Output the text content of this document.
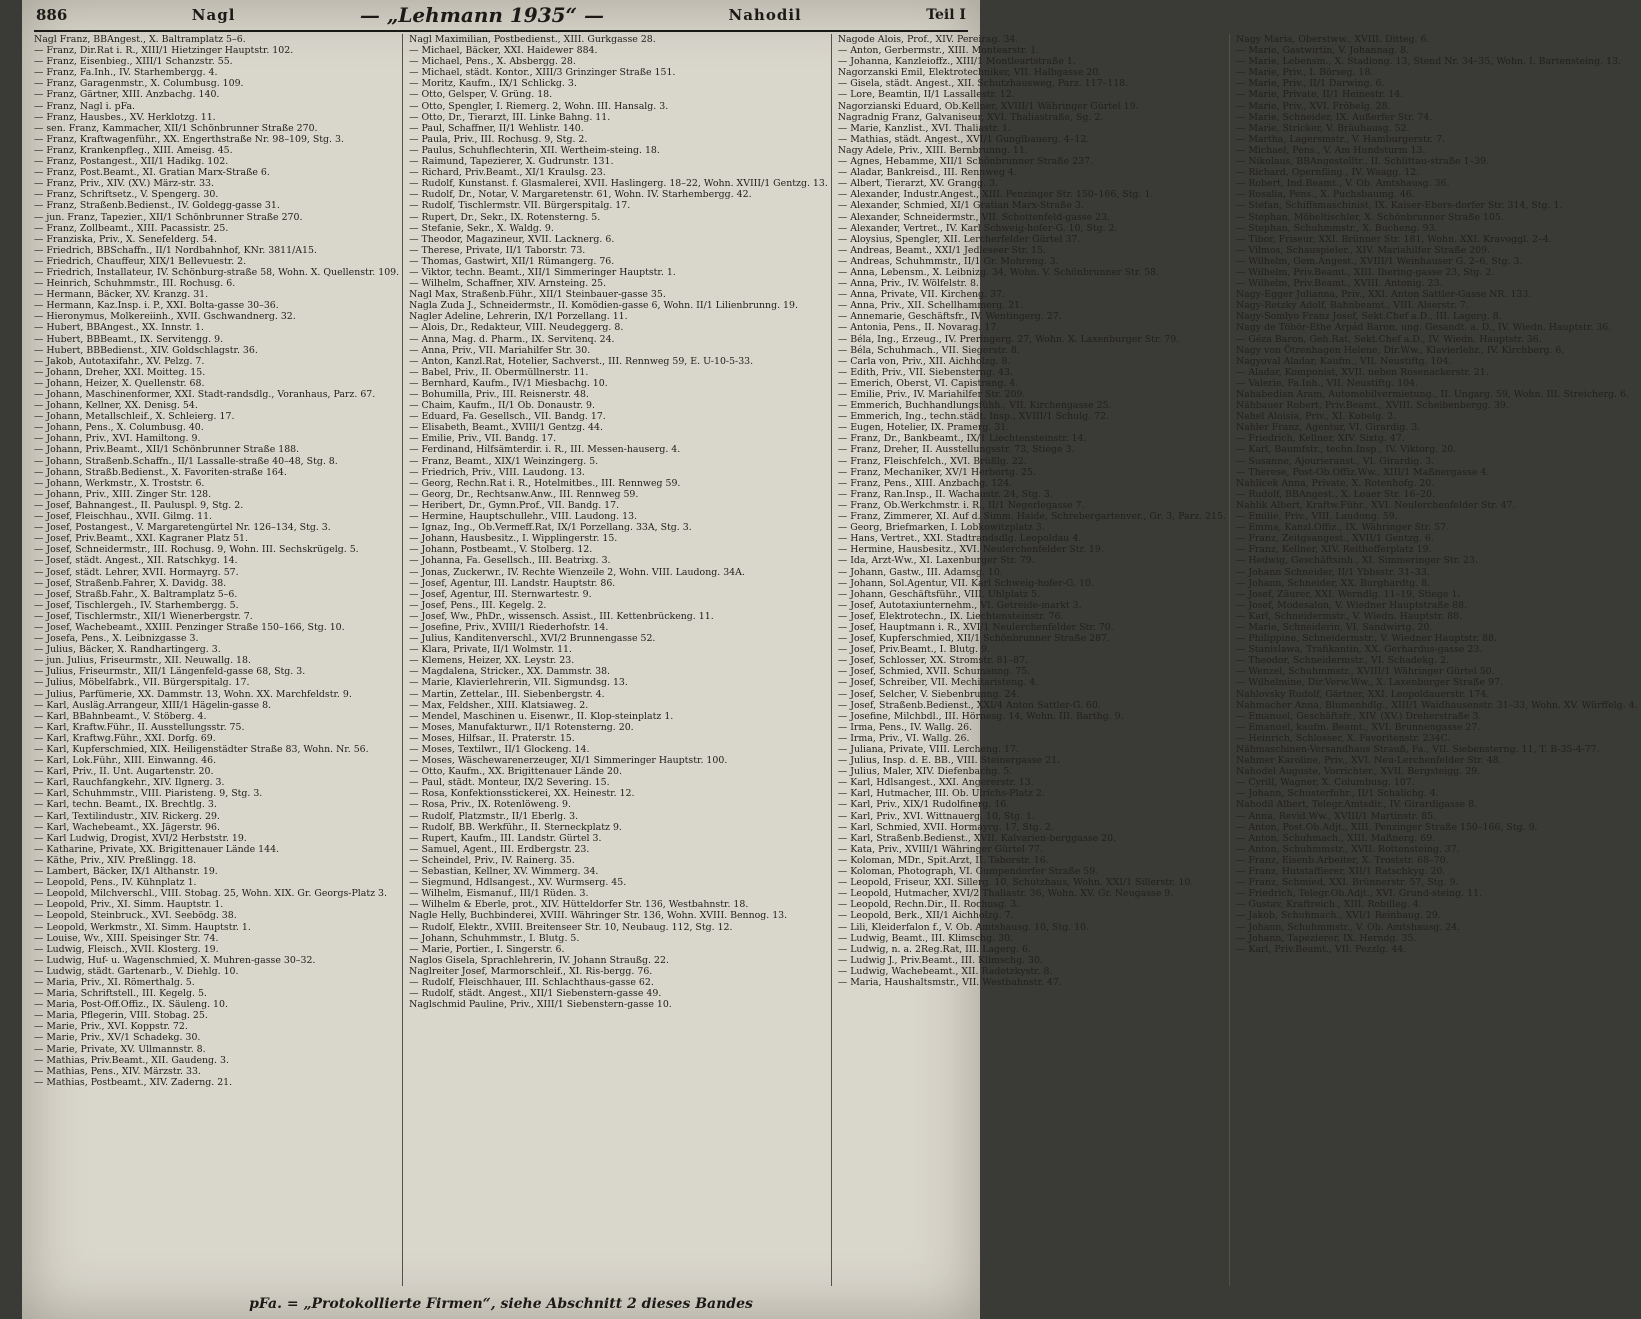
886	Nagl	— „Lehmann 1935“ —	Nahodil	Teil I
Nagl Franz, BBAngest., X. Baltramplatz 5–6.
— Franz, Dir.Rat i. R., XIII/1 Hietzinger Hauptstr. 102.
— Franz, Eisenbieg., XIII/1 Schanzstr. 55.
— Franz, Fa.Inh., IV. Starhembergg. 4.
— Franz, Garagenmstr., X. Columbusg. 109.
— Franz, Gärtner, XIII. Anzbachg. 140.
— Franz, Nagl i. pFa.
— Franz, Hausbes., XV. Herklotzg. 11.
— sen. Franz, Kammacher, XII/1 Schönbrunner Straße 270.
— Franz, Kraftwagenführ., XX. Engerthstraße Nr. 98–109, Stg. 3.
— Franz, Krankenpfleg., XIII. Ameisg. 45.
— Franz, Postangest., XII/1 Hadikg. 102.
— Franz, Post.Beamt., XI. Gratian Marx-Straße 6.
— Franz, Priv., XIV. (XV.) März-str. 33.
— Franz, Schriftsetz., V. Spengerg. 30.
— Franz, Straßenb.Bedienst., IV. Goldegg-gasse 31.
— jun. Franz, Tapezier., XII/1 Schönbrunner Straße 270.
— Franz, Zollbeamt., XIII. Pacassistr. 25.
— Franziska, Priv., X. Senefelderg. 54.
— Friedrich, BBSchaffn., II/1 Nordbahnhof, KNr. 3811/A15.
— Friedrich, Chauffeur, XIX/1 Bellevuestr. 2.
— Friedrich, Installateur, IV. Schönburg-straße 58, Wohn. X. Quellenstr. 109.
— Heinrich, Schuhmmstr., III. Rochusg. 6.
— Hermann, Bäcker, XV. Kranzg. 31.
— Hermann, Kaz.Insp. i. P., XXI. Bolta-gasse 30–36.
— Hieronymus, Molkereiinh., XVII. Gschwandnerg. 32.
— Hubert, BBAngest., XX. Innstr. 1.
— Hubert, BBBeamt., IX. Servitengg. 9.
— Hubert, BBBedienst., XIV. Goldschlagstr. 36.
— Jakob, Autotaxifahr., XV. Pelzg. 7.
— Johann, Dreher, XXI. Moitteg. 15.
— Johann, Heizer, X. Quellenstr. 68.
— Johann, Maschinenformer, XXI. Stadt-randsdlg., Voranhaus, Parz. 67.
— Johann, Kellner, XX. Denisg. 54.
— Johann, Metallschleif., X. Schleierg. 17.
— Johann, Pens., X. Columbusg. 40.
— Johann, Priv., XVI. Hamiltong. 9.
— Johann, Priv.Beamt., XII/1 Schönbrunner Straße 188.
— Johann, Straßenb.Schaffn., II/1 Lassalle-straße 40–48, Stg. 8.
— Johann, Straßb.Bedienst., X. Favoriten-straße 164.
— Johann, Werkmstr., X. Troststr. 6.
— Johann, Priv., XIII. Zinger Str. 128.
— Josef, Bahnangest., II. Pauluspl. 9, Stg. 2.
— Josef, Fleischhau., XVII. Gilmg. 11.
— Josef, Postangest., V. Margaretengürtel Nr. 126–134, Stg. 3.
— Josef, Priv.Beamt., XXI. Kagraner Platz 51.
— Josef, Schneidermstr., III. Rochusg. 9, Wohn. III. Sechskrügelg. 5.
— Josef, städt. Angest., XII. Ratschkyg. 14.
— Josef, städt. Lehrer, XVII. Hormayrg. 57.
— Josef, Straßenb.Fahrer, X. Davidg. 38.
— Josef, Straßb.Fahr., X. Baltramplatz 5–6.
— Josef, Tischlergeh., IV. Starhembergg. 5.
— Josef, Tischlermstr., XII/1 Wienerbergstr. 7.
— Josef, Wachebeamt., XXIII. Penzinger Straße 150–166, Stg. 10.
— Josefa, Pens., X. Leibnizgasse 3.
— Julius, Bäcker, X. Randhartingerg. 3.
— jun. Julius, Friseurmstr., XII. Neuwallg. 18.
— Julius, Friseurmstr., XII/1 Längenfeld-gasse 68, Stg. 3.
— Julius, Möbelfabrk., VII. Bürgerspitalg. 17.
— Julius, Parfümerie, XX. Dammstr. 13, Wohn. XX. Marchfeldstr. 9.
— Karl, Ausläg.Arrangeur, XIII/1 Hägelin-gasse 8.
— Karl, BBahnbeamt., V. Stöberg. 4.
— Karl, Kraftw.Führ., II. Ausstellungsstr. 75.
— Karl, Kraftwg.Führ., XXI. Dorfg. 69.
— Karl, Kupferschmied, XIX. Heiligenstädter Straße 83, Wohn. Nr. 56.
— Karl, Lok.Führ., XIII. Einwanng. 46.
— Karl, Priv., II. Unt. Augartenstr. 20.
— Karl, Rauchfangkehr., XIV. Ilgnerg. 3.
— Karl, Schuhmmstr., VIII. Piaristeng. 9, Stg. 3.
— Karl, techn. Beamt., IX. Brechtlg. 3.
— Karl, Textilindustr., XIV. Rickerg. 29.
— Karl, Wachebeamt., XX. Jägerstr. 96.
— Karl Ludwig, Drogist, XVI/2 Herbststr. 19.
— Katharine, Private, XX. Brigittenauer Lände 144.
— Käthe, Priv., XIV. Preßlingg. 18.
— Lambert, Bäcker, IX/1 Althanstr. 19.
— Leopold, Pens., IV. Kühnplatz 1.
— Leopold, Milchverschl., VIII. Stobag. 25, Wohn. XIX. Gr. Georgs-Platz 3.
— Leopold, Priv., XI. Simm. Hauptstr. 1.
— Leopold, Steinbruck., XVI. Seebödg. 38.
— Leopold, Werkmstr., XI. Simm. Hauptstr. 1.
— Louise, Wv., XIII. Speisinger Str. 74.
— Ludwig, Fleisch., XVII. Klosterg. 19.
— Ludwig, Huf- u. Wagenschmied, X. Muhren-gasse 30–32.
— Ludwig, städt. Gartenarb., V. Diehlg. 10.
— Maria, Priv., XI. Römerthalg. 5.
— Maria, Schriftstell., III. Kegelg. 5.
— Maria, Post-Off.Offiz., IX. Säuleng. 10.
— Maria, Pflegerin, VIII. Stobag. 25.
— Marie, Priv., XVI. Koppstr. 72.
— Marie, Priv., XV/1 Schadekg. 30.
— Marie, Private, XV. Ullmannstr. 8.
— Mathias, Priv.Beamt., XII. Gaudeng. 3.
— Mathias, Pens., XIV. Märzstr. 33.
— Mathias, Postbeamt., XIV. Zaderng. 21.
Nagl Maximilian, Postbedienst., XIII. Gurkgasse 28.
— Michael, Bäcker, XXI. Haidewег 884.
— Michael, Pens., X. Absbergg. 28.
— Michael, städt. Kontor., XIII/3 Grinzinger Straße 151.
— Moritz, Kaufm., IX/1 Schlickg. 3.
— Otto, Gelsper, V. Grüng. 18.
— Otto, Spengler, I. Riemerg. 2, Wohn. III. Hansalg. 3.
— Otto, Dr., Tierarzt, III. Linke Bahng. 11.
— Paul, Schaffner, II/1 Wehlistr. 140.
— Paula, Priv., III. Rochusg. 9, Stg. 2.
— Paulus, Schuhflechterin, XII. Wertheim-steing. 18.
— Raimund, Tapezierer, X. Gudrunstr. 131.
— Richard, Priv.Beamt., XI/1 Kraulsg. 23.
— Rudolf, Kunstanst. f. Glasmalerei, XVII. Haslingerg. 18–22, Wohn. XVIII/1 Gentzg. 13.
— Rudolf, Dr., Notar, V. Margaretenstr. 61, Wohn. IV. Starhembergg. 42.
— Rudolf, Tischlermstr. VII. Bürgerspitalg. 17.
— Rupert, Dr., Sekr., IX. Rotensterng. 5.
— Stefanie, Sekr., X. Waldg. 9.
— Theodor, Magazineur, XVII. Lacknerg. 6.
— Therese, Private, II/1 Taborstr. 73.
— Thomas, Gastwirt, XII/1 Rümangerg. 76.
— Viktor, techn. Beamt., XII/1 Simmeringer Hauptstr. 1.
— Wilhelm, Schaffner, XIV. Arnsteing. 25.
Nagl Max, Straßenb.Führ., XII/1 Steinbauer-gasse 35.
Nagla Zuda J., Schneidermstr., II. Komödien-gasse 6, Wohn. II/1 Lilienbrunng. 19.
Nagler Adeline, Lehrerin, IX/1 Porzellang. 11.
— Alois, Dr., Redakteur, VIII. Neudeggerg. 8.
— Anna, Mag. d. Pharm., IX. Servitenq. 24.
— Anna, Priv., VII. Mariahilfer Str. 30.
— Anton, Kanzl.Rat, Hotelier, Sachverst., III. Rennweg 59, E. U-10-5-33.
— Babel, Priv., II. Obermüllnerstr. 11.
— Bernhard, Kaufm., IV/1 Miesbachg. 10.
— Bohumilla, Priv., III. Reisnerstr. 48.
— Chaim, Kaufm., II/1 Ob. Donaustr. 9.
— Eduard, Fa. Gesellsch., VII. Bandg. 17.
— Elisabeth, Beamt., XVIII/1 Gentzg. 44.
— Emilie, Priv., VII. Bandg. 17.
— Ferdinand, Hilfsämterdir. i. R., III. Messen-hauserg. 4.
— Franz, Beamt., XIX/1 Weinzingerg. 5.
— Friedrich, Priv., VIII. Laudong. 13.
— Georg, Rechn.Rat i. R., Hotelmitbes., III. Rennweg 59.
— Georg, Dr., Rechtsanw.Anw., III. Rennweg 59.
— Heribert, Dr., Gymn.Prof., VII. Bandg. 17.
— Hermine, Hauptschullehr., VIII. Laudong. 13.
— Ignaz, Ing., Ob.Vermeff.Rat, IX/1 Porzellang. 33A, Stg. 3.
— Johann, Hausbesitz., I. Wipplingerstr. 15.
— Johann, Postbeamt., V. Stolberg. 12.
— Johanna, Fa. Gesellsch., III. Beatrixg. 3.
— Jonas, Zuckerwr., IV. Rechte Wienzeile 2, Wohn. VIII. Laudong. 34A.
— Josef, Agentur, III. Landstr. Hauptstr. 86.
— Josef, Agentur, III. Sternwartestr. 9.
— Josef, Pens., III. Kegelg. 2.
— Josef, Ww., PhDr., wissensch. Assist., III. Kettenbrückeng. 11.
— Josefine, Priv., XVIII/1 Riederhofstr. 14.
— Julius, Kanditenverschl., XVI/2 Brunnengasse 52.
— Klara, Private, II/1 Wolmstr. 11.
— Klemens, Heizer, XX. Leystr. 23.
— Magdalena, Stricker., XX. Dammstr. 38.
— Marie, Klavierlehrerin, VII. Sigmundsg. 13.
— Martin, Zettelar., III. Siebenbergstr. 4.
— Max, Feldsher., XIII. Klatsiaweg. 2.
— Mendel, Maschinen u. Eisenwr., II. Klop-steinplatz 1.
— Moses, Manufakturwr., II/1 Rotensterng. 20.
— Moses, Hilfsar., II. Praterstr. 15.
— Moses, Textilwr., II/1 Glockeng. 14.
— Moses, Wäschewarenerzeuger, XI/1 Simmeringer Hauptstr. 100.
— Otto, Kaufm., XX. Brigittenauer Lände 20.
— Paul, städt. Monteur, IX/2 Severing. 15.
— Rosa, Konfektionsstickerei, XX. Heinestr. 12.
— Rosa, Priv., IX. Rotenlöweng. 9.
— Rudolf, Platzmstr., II/1 Eberlg. 3.
— Rudolf, BB. Werkführ., II. Sterneckplatz 9.
— Rupert, Kaufm., III. Landstr. Gürtel 3.
— Samuel, Agent., III. Erdbergstr. 23.
— Scheindel, Priv., IV. Rainerg. 35.
— Sebastian, Kellner, XV. Wimmerg. 34.
— Siegmund, Hdlsangest., XV. Wurmserg. 45.
— Wilhelm, Eismanuf., III/1 Rüden. 3.
— Wilhelm & Eberle, prot., XIV. Hütteldorfer Str. 136, Westbahnstr. 18.
Nagle Helly, Buchbinderei, XVIII. Währinger Str. 136, Wohn. XVIII. Bennog. 13.
— Rudolf, Elektr., XVIII. Breitenseer Str. 10, Neubaug. 112, Stg. 12.
— Johann, Schuhmmstr., I. Blutg. 5.
— Marie, Portier., I. Singerstr. 6.
Naglos Gisela, Sprachlehrerin, IV. Johann Straußg. 22.
Naglreiter Josef, Marmorschleif., XI. Ris-bergg. 76.
— Rudolf, Fleischhauer, III. Schlachthaus-gasse 62.
— Rudolf, städt. Angest., XII/1 Siebenstern-gasse 49.
Naglschmid Pauline, Priv., XIII/1 Siebenstern-gasse 10.
Nagode Alois, Prof., XIV. Pereirag. 34.
— Anton, Gerbermstr., XIII. Montearstr. 1.
— Johanna, Kanzleioffz., XIII/1 Montleartstraße 1.
Nagorzanski Emil, Elektrotechniker, VII. Halbgasse 20.
— Gisela, städt. Angest., XII. Schutzhausweg, Parz. 117–118.
— Lore, Beamtin, II/1 Lassallestr. 12.
Nagorzianski Eduard, Ob.Kellner, XVIII/1 Währinger Gürtel 19.
Nagradnig Franz, Galvaniseur, XVI. Thaliastraße, Sg. 2.
— Marie, Kanzlist., XVI. Thaliastr. 1.
— Mathias, städt. Angest., XVI/1 Gunglbauerg. 4–12.
Nagy Adele, Priv., XIII. Bernbrunng. 11.
— Agnes, Hebamme, XII/1 Schönbrunner Straße 237.
— Aladar, Bankreisd., III. Rennweg 4.
— Albert, Tierarzt, XV. Grangg. 3.
— Alexander, Industr.Angest., XIII. Penzinger Str. 150–166, Stg. 1.
— Alexander, Schmied, XI/1 Gratian Marx-Straße 3.
— Alexander, Schneidermstr., VII. Schottenfeld-gasse 23.
— Alexander, Vertret., IV. Karl Schweig-hofer-G. 10, Stg. 2.
— Aloysius, Spengler, XII. Lercherfelder Gürtel 37.
— Andreas, Beamt., XXI/1 Jedleseer Str. 15.
— Andreas, Schuhmmstr., II/1 Gr. Mohreng. 3.
— Anna, Lebensm., X. Leibnizg. 34, Wohn. V. Schönbrunner Str. 58.
— Anna, Priv., IV. Wölfelstr. 8.
— Anna, Private, VII. Kircheng. 37.
— Anna, Priv., XII. Schellhammerg. 21.
— Annemarie, Geschäftsfr., IV. Wentingerg. 27.
— Antonia, Pens., II. Novarag. 17.
— Béla, Ing., Erzeug., IV. Preringerg. 27, Wohn. X. Laxenburger Str. 79.
— Béla, Schuhmach., VII. Siegerstr. 8.
— Carla von, Priv., XII. Aichholzg. 8.
— Edith, Priv., VII. Siebensterng. 43.
— Emerich, Oberst, VI. Capistrang. 4.
— Emilie, Priv., IV. Mariahilfer Str. 209.
— Emmerich, Buchhandlungsfühh., VII. Kirchengasse 25.
— Emmerich, Ing., techn.städt. Insp., XVIII/1 Schulg. 72.
— Eugen, Hotelier, IX. Pramerg. 31.
— Franz, Dr., Bankbeamt., IX/1 Liechtensteinstr. 14.
— Franz, Dreher, II. Ausstellungsstr. 73, Stiege 3.
— Franz, Fleischfelch., XVI. Brüßlg. 22.
— Franz, Mechaniker, XV/1 Herbortg. 25.
— Franz, Pens., XIII. Anzbachg. 124.
— Franz, Ran.Insp., II. Wachaustr. 24, Stg. 3.
— Franz, Ob.Werkchmstr. i. R., II/1 Negerlegasse 7.
— Franz, Zimmerer, XI. Auf d. Simm. Haide, Schrebergartenver., Gr. 3, Parz. 215.
— Georg, Briefmarken, I. Lobkowitzplatz 3.
— Hans, Vertret., XXI. Stadtrandsdlg. Leopoldau 4.
— Hermine, Hausbesitz., XVI. Neulerchenfelder Str. 19.
— Ida, Arzt-Ww., XI. Laxenburger Str. 79.
— Johann, Gastw., III. Adamsg. 10.
— Johann, Sol.Agentur, VII. Karl Schweig-hofer-G. 10.
— Johann, Geschäftsführ., VIII. Uhlplatz 5.
— Josef, Autotaxiunternehm., VI. Getreide-markt 3.
— Josef, Elektrotechn., IX. Liechtensteinstr. 76.
— Josef, Hauptmann i. R., XVI/1 Neulerchenfelder Str. 70.
— Josef, Kupferschmied, XII/1 Schönbrunner Straße 287.
— Josef, Priv.Beamt., I. Blutg. 9.
— Josef, Schlosser, XX. Stromstr. 81–87.
— Josef, Schmied, XVII. Schumanng. 75.
— Josef, Schreiber, VII. Mechitaristeng. 4.
— Josef, Selcher, V. Siebenbrunng. 24.
— Josef, Straßenb.Bedienst., XXI/4 Anton Sattler-G. 60.
— Josefine, Milchbdl., III. Hörnesg. 14, Wohn. III. Barthg. 9.
— Irma, Pens., IV. Wallg. 26.
— Irma, Priv., VI. Wallg. 26.
— Juliana, Private, VIII. Lercheng. 17.
— Julius, Insp. d. E. BB., VIII. Steinergasse 21.
— Julius, Maler, XIV. Diefenbachg. 5.
— Karl, Hdlsangest., XXI. Angererstr. 13.
— Karl, Hutmacher, III. Ob. Ulrichs-Platz 2.
— Karl, Priv., XIX/1 Rudolfinerg. 16.
— Karl, Priv., XVI. Wittnauerg. 10, Stg. 1.
— Karl, Schmied, XVII. Hormayrg. 17, Stg. 2.
— Karl, Straßenb.Bedienst., XVII. Kalvarien-berggasse 20.
— Kata, Priv., XVIII/1 Währinger Gürtel 77.
— Koloman, MDr., Spit.Arzt, II. Taborstr. 16.
— Koloman, Photograph, VI. Gumpendorfer Straße 59.
— Leopold, Friseur, XXI. Sillerg. 10, Schutzhaus, Wohn. XXI/1 Sillerstr. 10.
— Leopold, Hutmacher, XVI/2 Thaliastr. 36, Wohn. XV. Gr. Neugasse 9.
— Leopold, Rechn.Dir., II. Rochusg. 3.
— Leopold, Berk., XII/1 Aichholzg. 7.
— Lili, Kleiderfalon f., V. Ob. Amtshausg. 10, Stg. 10.
— Ludwig, Beamt., III. Klimschg. 30.
— Ludwig, n. a. 2Reg.Rat, III. Lagerg. 6.
— Ludwig J., Priv.Beamt., III. Klimschg. 30.
— Ludwig, Wachebeamt., XII. Radetzkystr. 8.
— Maria, Haushaltsmstr., VII. Westbahnstr. 47.
Nagy Maria, Oberstww., XVIII. Ditteg. 6.
— Marie, Gastwirtin, V. Johannag. 8.
— Marie, Lebensm., X. Stadiong. 13, Stend Nr. 34–35, Wohn. I. Bartensteing. 13.
— Marie, Priv., I. Börseg. 18.
— Marie, Priv., II/1 Darwing. 6.
— Marie, Private, II/1 Heinestr. 14.
— Marie, Priv., XVI. Fröbelg. 28.
— Marie, Schneider, IX. Außerfer Str. 74.
— Marie, Stricker, V. Bräuhausg. 52.
— Martha, Lagersmstr., V. Hamburgerstr. 7.
— Michael, Pens., V. Am Hundsturm 13.
— Nikolaus, BBAngestelltr., II. Schlittau-straße 1–39.
— Richard, Opernfäng., IV. Waagg. 12.
— Robert, Ind.Beamt., V. Ob. Amtshausg. 36.
— Rosalia, Pens., X. Puchsbaumg. 46.
— Stefan, Schiffsmaschinist, IX. Kaiser-Ebers-dorfer Str. 314, Stg. 1.
— Stephan, Möbeltischler, X. Schönbrunner Straße 105.
— Stephan, Schuhmmstr., X. Bucheng. 93.
— Tibor, Friseur, XXI. Brünner Str. 181, Wohn. XXI. Kravoggl. 2–4.
— Vilmos, Schauspieler., XIV. Mariahilfer Straße 209.
— Wilhelm, Gem.Angest., XVIII/1 Weinhauser G. 2–6, Stg. 3.
— Wilhelm, Priv.Beamt., XIII. Ihering-gasse 23, Stg. 2.
— Wilhelm, Priv.Beamt., XVIII. Antonig. 23.
Nagy-Egger Julianna, Priv., XXI. Anton Sattler-Gasse NR. 133.
Nagy-Retzky Adolf, Bahnbeamt., VIII. Alserstr. 7.
Nagy-Somlyo Franz Josef, Sekt.Chef a.D., III. Lagerg. 8.
Nagy de Töbör-Ethe Arpád Baron, ung. Gesandt. a. D., IV. Wiedn. Hauptstr. 36.
— Géza Baron, Geh.Rat, Sekt.Chef a.D., IV. Wiedn. Hauptstr. 36.
Nagy von Ötrenhagen Helene, Dir.Ww., Klavierlehr., IV. Kirchberg. 6.
Nagyoval Aladar, Kaufm., VII. Neustiftg. 104.
— Aladar, Komponist, XVII. neben Rosenackerstr. 21.
— Valerie, Fa.Inh., VII. Neustiftg. 104.
Nahabedian Aram, Automobilvermietung., II. Ungarg. 59, Wohn. III. Streicherg. 6.
Nähbauer Robert, Priv.Beamt., XVIII. Scheibenbergg. 39.
Nahel Aloisia, Priv., XI. Kobelg. 2.
Nahler Franz, Agentur, VI. Girardig. 3.
— Friedrich, Kellner, XIV. Sixtg. 47.
— Karl, Baumfstr., techn.Insp., IV. Viktorg. 20.
— Susanne, Ajourieranst., VI. Girardig. 3.
— Therese, Post-Ob.Offiz.Ww., XIII/1 Maßnergasse 4.
Nahlicek Anna, Private, X. Rotenhofg. 20.
— Rudolf, BBAngest., X. Loaer Str. 16–20.
Nahlik Albert, Kraftw.Führ., XVI. Neulerchenfelder Str. 47.
— Emilie, Priv., VIII. Laudong. 59.
— Emma, Kanzl.Offiz., IX. Währinger Str. 57.
— Franz, Zeitgsangest., XVII/1 Gentzg. 6.
— Franz, Kellner, XIV. Reithofferplatz 19.
— Hedwig, Geschäftsinh., XI. Simmeringer Str. 23.
— Johann Schneider, II/1 Ybbsstr. 31–33.
— Johann, Schneider, XX. Burghardtg. 8.
— Josef, Zäurer, XXI. Werndlg. 11–19, Stiege 1.
— Josef, Modesalon, V. Wiedner Hauptstraße 88.
— Karl, Schneidermstr., V. Wiedn. Hauptstr. 88.
— Marie, Schneiderin, VI. Sandwirtg. 20.
— Philippine, Schneidermstr., V. Wiedner Hauptstr. 88.
— Stanislawa, Trafikantin, XX. Gerhardus-gasse 23.
— Theodor, Schneidermstr., VI. Schadekg. 2.
— Wenzel, Schuhmmstr., XVIII/1 Währinger Gürtel 50.
— Wilhelmine, Dir.Verw.Ww., X. Laxenburger Straße 97.
Nahlovsky Rudolf, Gärtner, XXI. Leopoldauerstr. 174.
Nahmacher Anna, Blumenhdlg., XIII/1 Waidhausenstr. 31–33, Wohn. XV. Würffelg. 4.
— Emanuel, Geschäftsfr., XIV. (XV.) Dreherstraße 3.
— Emanuel, kaufm. Beamt., XVI. Brunnengasse 27.
— Heinrich, Schlosser, X. Favoritenstr. 234C.
Nähmaschinen-Versandhaus Strauß, Fa., VII. Siebensterng. 11, T. B-35-4-77.
Nahmer Karoline, Priv., XVI. Neu-Lerchenfelder Str. 48.
Nahodel Auguste, Vorrichter., XVII. Bergsteigg. 29.
— Cyrill, Wagner, X. Columbusg. 107.
— Johann, Schusterfuhr., II/1 Schalichg. 4.
Nahodil Albert, Telegr.Amtsdir., IV. Girardigasse 8.
— Anna, Revid.Ww., XVIII/1 Martinstr. 85.
— Anton, Post.Ob.Adjt., XIII. Penzinger Straße 150–166, Stg. 9.
— Anton, Schuhmach., XIII. Maßnerg. 69.
— Anton, Schuhmmstr., XVII. Rottensteing. 37.
— Franz, Eisenb.Arbeiter, X. Troststr. 68–70.
— Franz, Hutstaffierer, XII/1 Ratschkyg. 20.
— Franz, Schmied, XXI. Brünnerstr. 57, Stg. 9.
— Friedrich, Telegr.Ob.Adjt., XVI. Grund-steing. 11.
— Gustav, Kraftreich., XIII. Robilleg. 4.
— Jakob, Schuhmach., XVI/1 Reinbaug. 29.
— Johann, Schuhmmstr., V. Ob. Amtshausg. 24.
— Johann, Tapezierer, IX. Herndg. 35.
— Karl, Priv.Beamt., VII. Pezzlg. 44.
pFa. = „Protokollierte Firmen“, siehe Abschnitt 2 dieses Bandes
